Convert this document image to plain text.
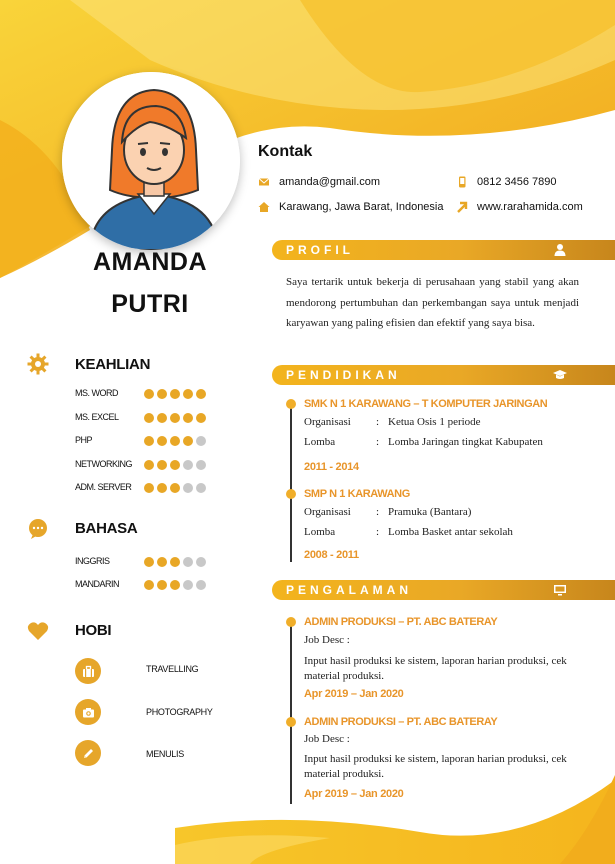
AMANDA
PUTRI
Kontak
amanda@gmail.com	0812 3456 7890
Karawang, Jawa Barat, Indonesia	www.rarahamida.com
PROFIL
Saya tertarik untuk bekerja di perusahaan yang stabil yang akan mendorong pertumbuhan dan perkembangan saya untuk menjadi karyawan yang paling efisien dan efektif yang saya bisa.
PENDIDIKAN
SMK N 1 KARAWANG – T KOMPUTER JARINGAN
Organisasi : Ketua Osis 1 periode
Lomba	: Lomba Jaringan tingkat Kabupaten
2011 - 2014
SMP N 1 KARAWANG
Organisasi : Pramuka (Bantara)
Lomba	: Lomba Basket antar sekolah
2008 - 2011
PENGALAMAN
ADMIN PRODUKSI – PT. ABC BATERAY
Job Desc :
Input hasil produksi ke sistem, laporan harian produksi, cek material produksi.
Apr 2019 – Jan 2020
ADMIN PRODUKSI – PT. ABC BATERAY
Job Desc :
Input hasil produksi ke sistem, laporan harian produksi, cek material produksi.
Apr 2019 – Jan 2020
KEAHLIAN
MS. WORD
MS. EXCEL
PHP
NETWORKING
ADM. SERVER
BAHASA
INGGRIS
MANDARIN
HOBI
TRAVELLING
PHOTOGRAPHY
MENULIS
